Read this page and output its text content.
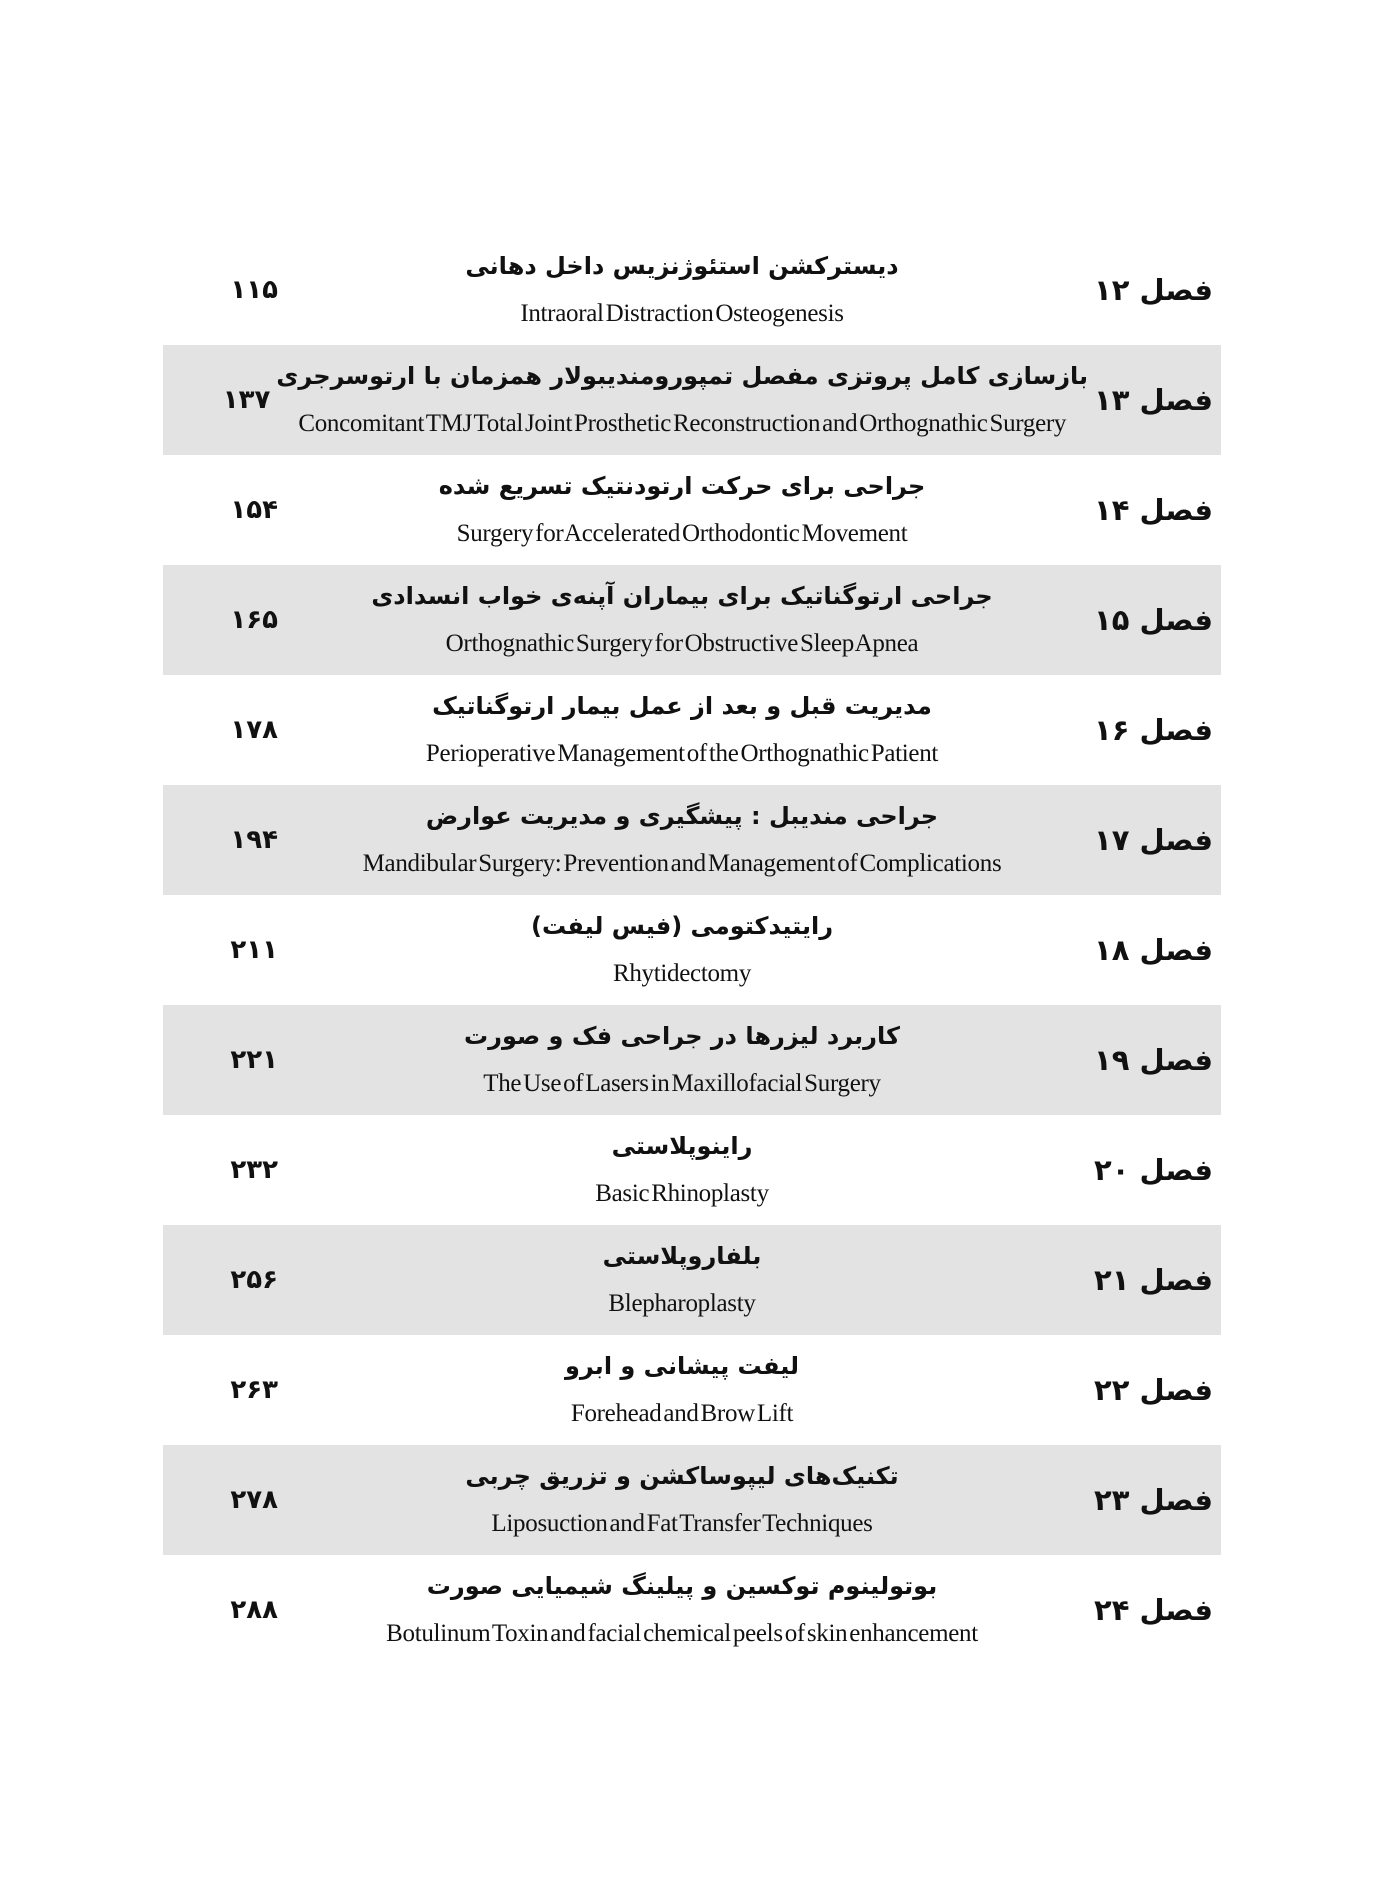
۱۱۵
دیسترکشن استئوژنزیس داخل دهانی
Intraoral Distraction Osteogenesis
فصل ۱۲
۱۳۷
بازسازی کامل پروتزی مفصل تمپورومندیبولار همزمان با ارتوسرجری
Concomitant TMJ Total Joint Prosthetic Reconstruction and Orthognathic Surgery
فصل ۱۳
۱۵۴
جراحی برای حرکت ارتودنتیک تسریع شده
Surgery for Accelerated Orthodontic Movement
فصل ۱۴
۱۶۵
جراحی ارتوگناتیک برای بیماران آپنه‌ی خواب انسدادی
Orthognathic Surgery for Obstructive Sleep Apnea
فصل ۱۵
۱۷۸
مدیریت قبل و بعد از عمل بیمار ارتوگناتیک
Perioperative Management of the Orthognathic Patient
فصل ۱۶
۱۹۴
جراحی مندیبل : پیشگیری و مدیریت عوارض
Mandibular Surgery: Prevention and Management of Complications
فصل ۱۷
۲۱۱
رایتیدکتومی (فیس لیفت)
Rhytidectomy
فصل ۱۸
۲۲۱
کاربرد لیزرها در جراحی فک و صورت
The Use of Lasers in Maxillofacial Surgery
فصل ۱۹
۲۳۲
راینوپلاستی
Basic Rhinoplasty
فصل ۲۰
۲۵۶
بلفاروپلاستی
Blepharoplasty
فصل ۲۱
۲۶۳
لیفت پیشانی و ابرو
Forehead and Brow Lift
فصل ۲۲
۲۷۸
تکنیک‌های لیپوساکشن و تزریق چربی
Liposuction and Fat Transfer Techniques
فصل ۲۳
۲۸۸
بوتولینوم توکسین و پیلینگ شیمیایی صورت
Botulinum Toxin and facial chemical peels of skin enhancement
فصل ۲۴
